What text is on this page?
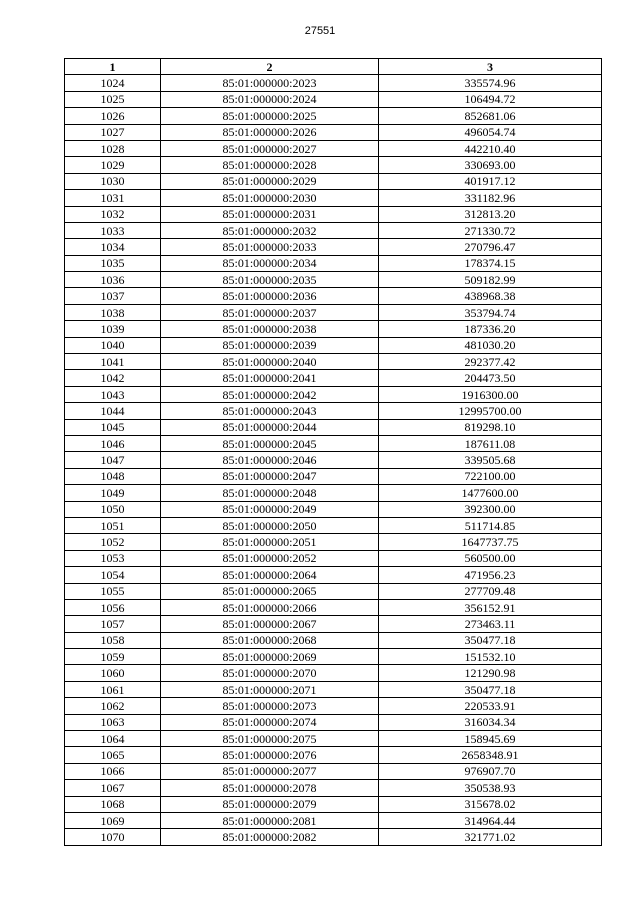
27551
1	2	3
1024	85:01:000000:2023	335574.96
1025	85:01:000000:2024	106494.72
1026	85:01:000000:2025	852681.06
1027	85:01:000000:2026	496054.74
1028	85:01:000000:2027	442210.40
1029	85:01:000000:2028	330693.00
1030	85:01:000000:2029	401917.12
1031	85:01:000000:2030	331182.96
1032	85:01:000000:2031	312813.20
1033	85:01:000000:2032	271330.72
1034	85:01:000000:2033	270796.47
1035	85:01:000000:2034	178374.15
1036	85:01:000000:2035	509182.99
1037	85:01:000000:2036	438968.38
1038	85:01:000000:2037	353794.74
1039	85:01:000000:2038	187336.20
1040	85:01:000000:2039	481030.20
1041	85:01:000000:2040	292377.42
1042	85:01:000000:2041	204473.50
1043	85:01:000000:2042	1916300.00
1044	85:01:000000:2043	12995700.00
1045	85:01:000000:2044	819298.10
1046	85:01:000000:2045	187611.08
1047	85:01:000000:2046	339505.68
1048	85:01:000000:2047	722100.00
1049	85:01:000000:2048	1477600.00
1050	85:01:000000:2049	392300.00
1051	85:01:000000:2050	511714.85
1052	85:01:000000:2051	1647737.75
1053	85:01:000000:2052	560500.00
1054	85:01:000000:2064	471956.23
1055	85:01:000000:2065	277709.48
1056	85:01:000000:2066	356152.91
1057	85:01:000000:2067	273463.11
1058	85:01:000000:2068	350477.18
1059	85:01:000000:2069	151532.10
1060	85:01:000000:2070	121290.98
1061	85:01:000000:2071	350477.18
1062	85:01:000000:2073	220533.91
1063	85:01:000000:2074	316034.34
1064	85:01:000000:2075	158945.69
1065	85:01:000000:2076	2658348.91
1066	85:01:000000:2077	976907.70
1067	85:01:000000:2078	350538.93
1068	85:01:000000:2079	315678.02
1069	85:01:000000:2081	314964.44
1070	85:01:000000:2082	321771.02
